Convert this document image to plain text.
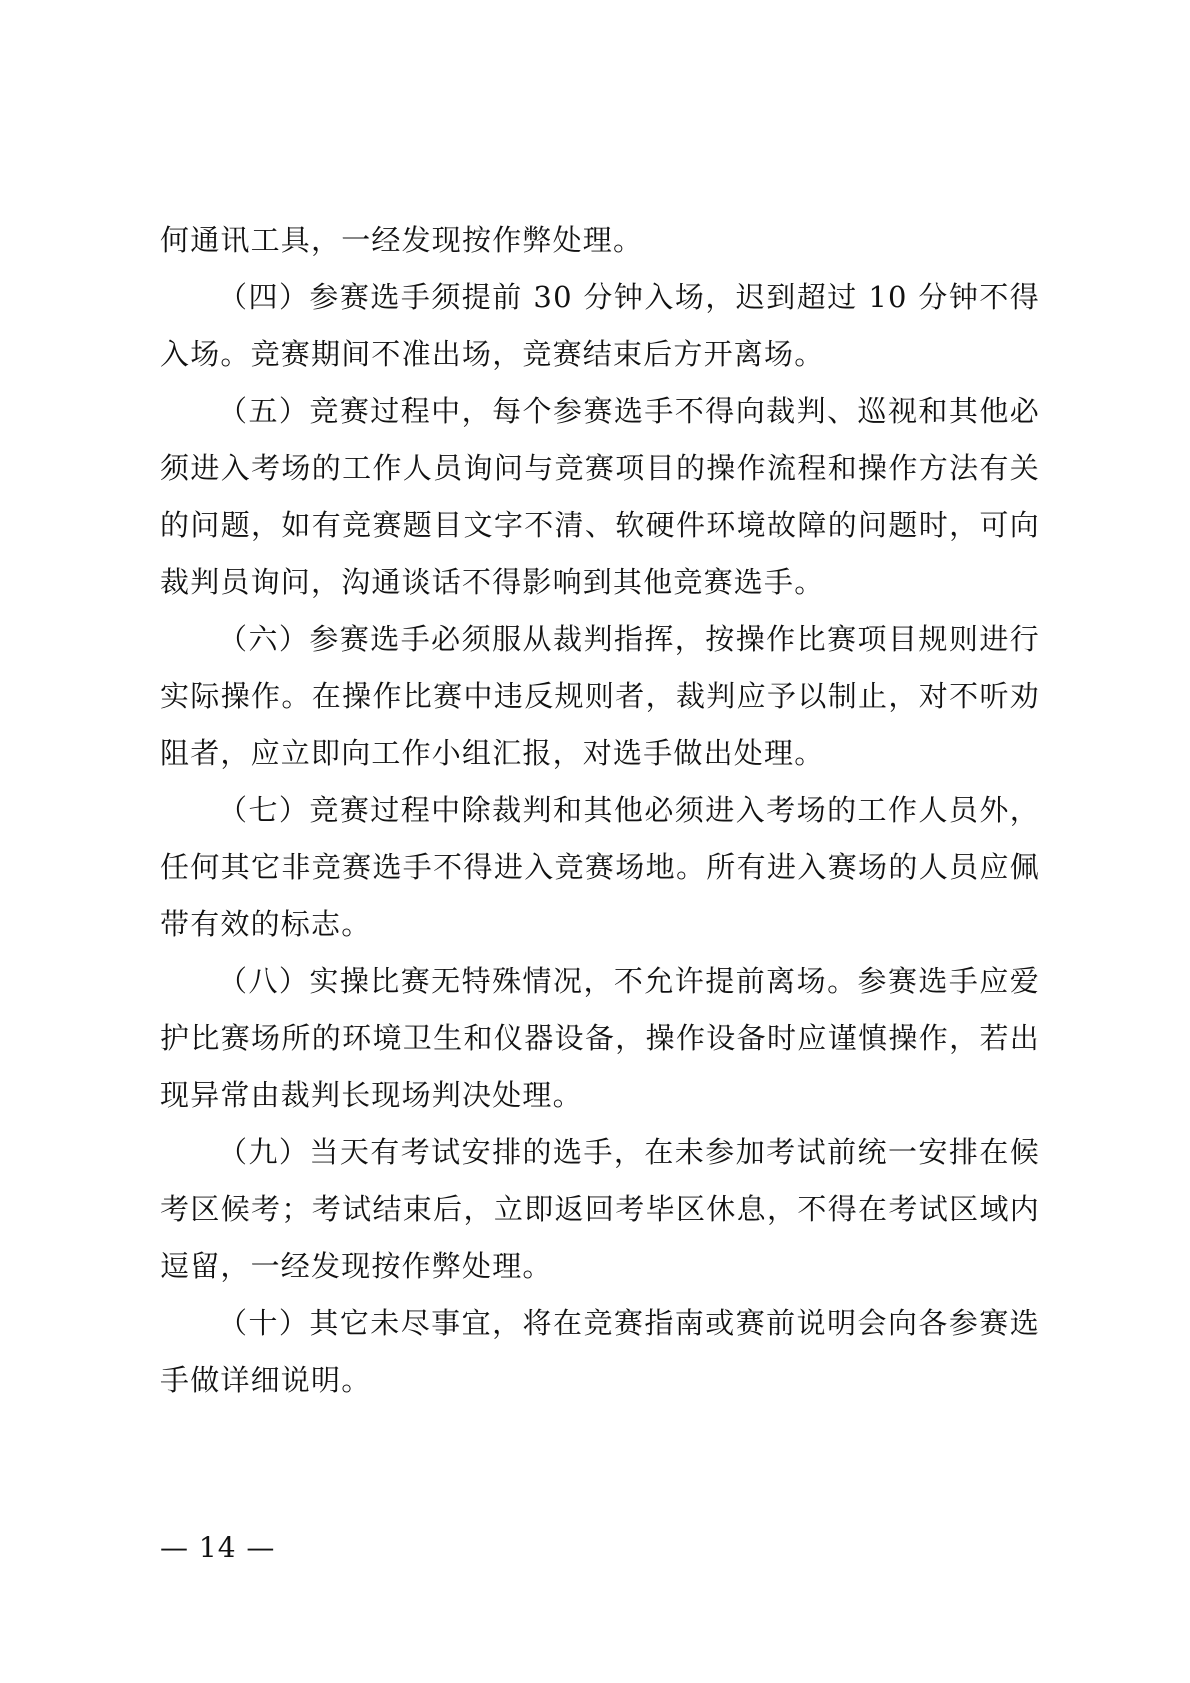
何通讯工具，一经发现按作弊处理。

（四）参赛选手须提前 30 分钟入场，迟到超过 10 分钟不得入场。竞赛期间不准出场，竞赛结束后方开离场。

（五）竞赛过程中，每个参赛选手不得向裁判、巡视和其他必须进入考场的工作人员询问与竞赛项目的操作流程和操作方法有关的问题，如有竞赛题目文字不清、软硬件环境故障的问题时，可向裁判员询问，沟通谈话不得影响到其他竞赛选手。

（六）参赛选手必须服从裁判指挥，按操作比赛项目规则进行实际操作。在操作比赛中违反规则者，裁判应予以制止，对不听劝阻者，应立即向工作小组汇报，对选手做出处理。

（七）竞赛过程中除裁判和其他必须进入考场的工作人员外，任何其它非竞赛选手不得进入竞赛场地。所有进入赛场的人员应佩带有效的标志。

（八）实操比赛无特殊情况，不允许提前离场。参赛选手应爱护比赛场所的环境卫生和仪器设备，操作设备时应谨慎操作，若出现异常由裁判长现场判决处理。

（九）当天有考试安排的选手，在未参加考试前统一安排在候考区候考；考试结束后，立即返回考毕区休息，不得在考试区域内逗留，一经发现按作弊处理。

（十）其它未尽事宜，将在竞赛指南或赛前说明会向各参赛选手做详细说明。

— 14 —
